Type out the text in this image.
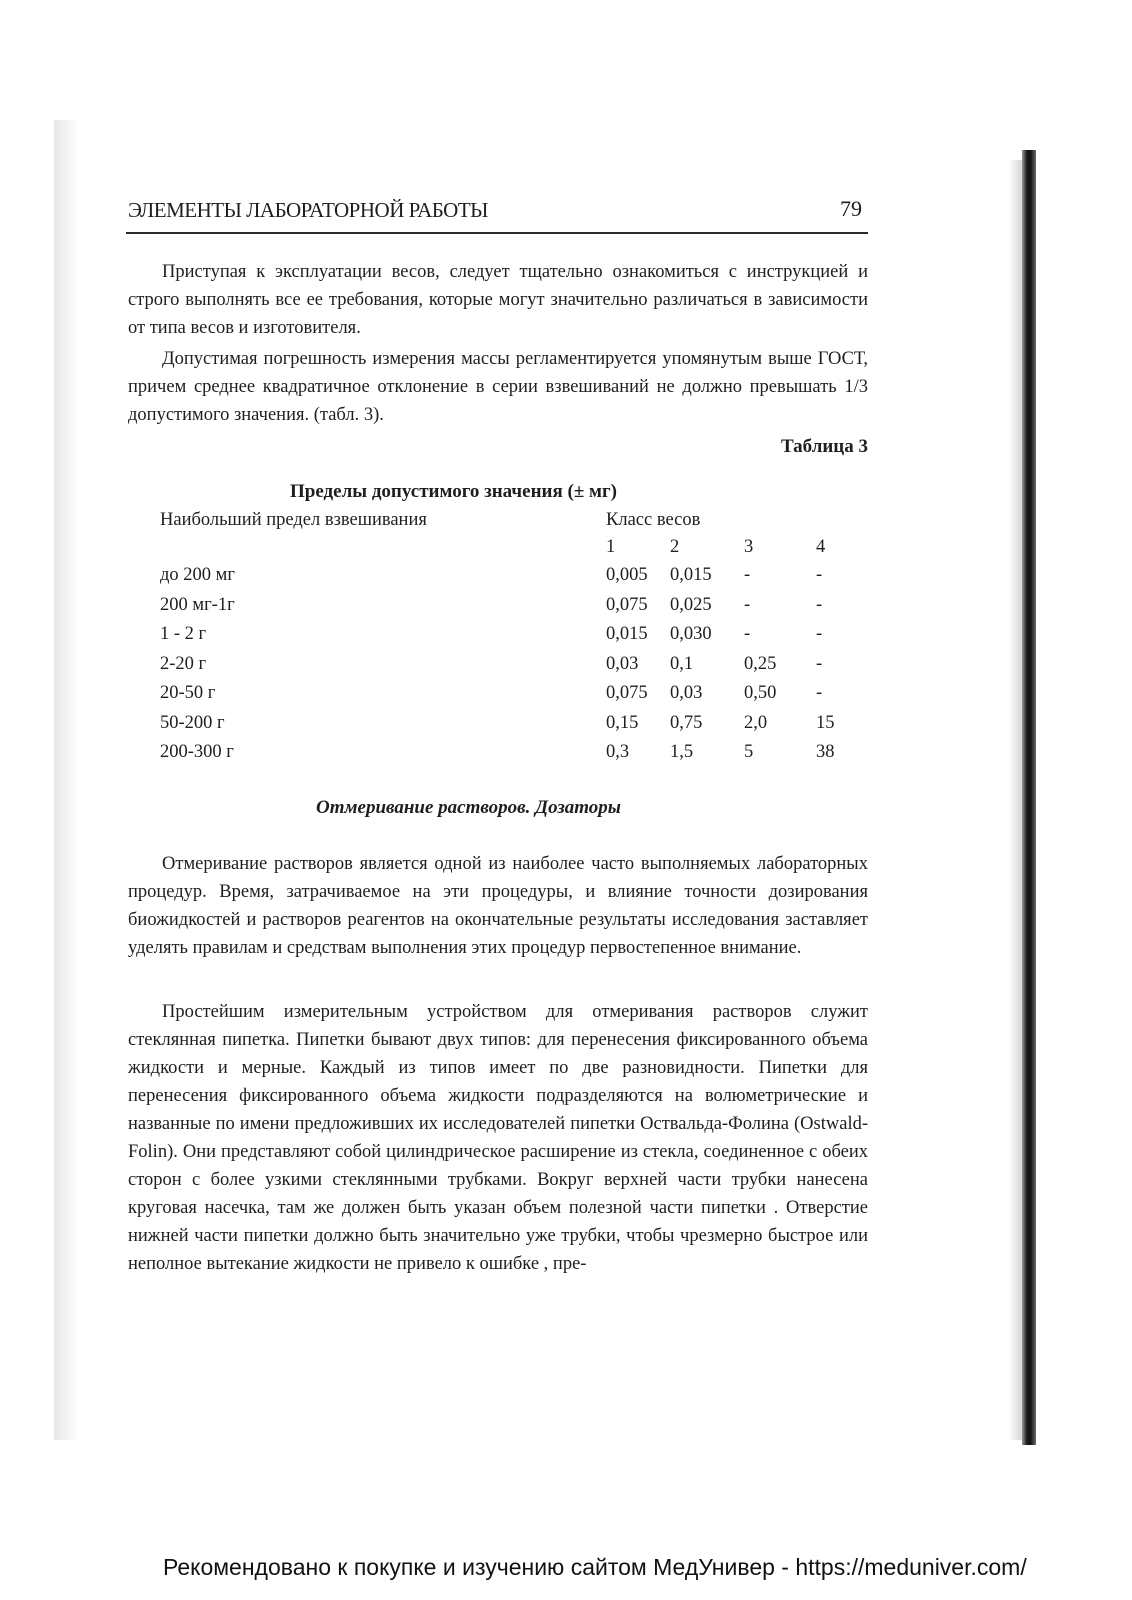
ЭЛЕМЕНТЫ ЛАБОРАТОРНОЙ РАБОТЫ	79

Приступая к эксплуатации весов, следует тщательно ознакомиться с инструкцией и строго выполнять все ее требования, которые могут значительно различаться в зависимости от типа весов и изготовителя.

Допустимая погрешность измерения массы регламентируется упомянутым выше ГОСТ, причем среднее квадратичное отклонение в серии взвешиваний не должно превышать 1/3 допустимого значения. (табл. 3).

Таблица 3
Пределы допустимого значения (± мг)
Наибольший предел взвешивания	Класс весов
1	2	3	4
до 200 мг	0,005 0,015 -	-
200 мг-1г	0,075 0,025 -	-
1 - 2 г	0,015 0,030 -	-
2-20 г	0,03 0,1	0,25 -
20-50 г	0,075 0,03 0,50 -
50-200 г	0,15 0,75 2,0	15
200-300 г	0,3 1,5	5	38
Отмеривание растворов. Дозаторы

Отмеривание растворов является одной из наиболее часто выполняемых лабораторных процедур. Время, затрачиваемое на эти процедуры, и влияние точности дозирования биожидкостей и растворов реагентов на окончательные результаты исследования заставляет уделять правилам и средствам выполнения этих процедур первостепенное внимание.

Простейшим измерительным устройством для отмеривания растворов служит стеклянная пипетка. Пипетки бывают двух типов: для перенесения фиксированного объема жидкости и мерные. Каждый из типов имеет по две разновидности. Пипетки для перенесения фиксированного объема жидкости подразделяются на волюметрические и названные по имени предложивших их исследователей пипетки Оствальда-Фолина (Ostwald-Folin). Они представляют собой цилиндрическое расширение из стекла, соединенное с обеих сторон с более узкими стеклянными трубками. Вокруг верхней части трубки нанесена круговая насечка, там же должен быть указан объем полезной части пипетки . Отверстие нижней части пипетки должно быть значительно уже трубки, чтобы чрезмерно быстрое или неполное вытекание жидкости не привело к ошибке , пре-

Рекомендовано к покупке и изучению сайтом МедУнивер - https://meduniver.com/
